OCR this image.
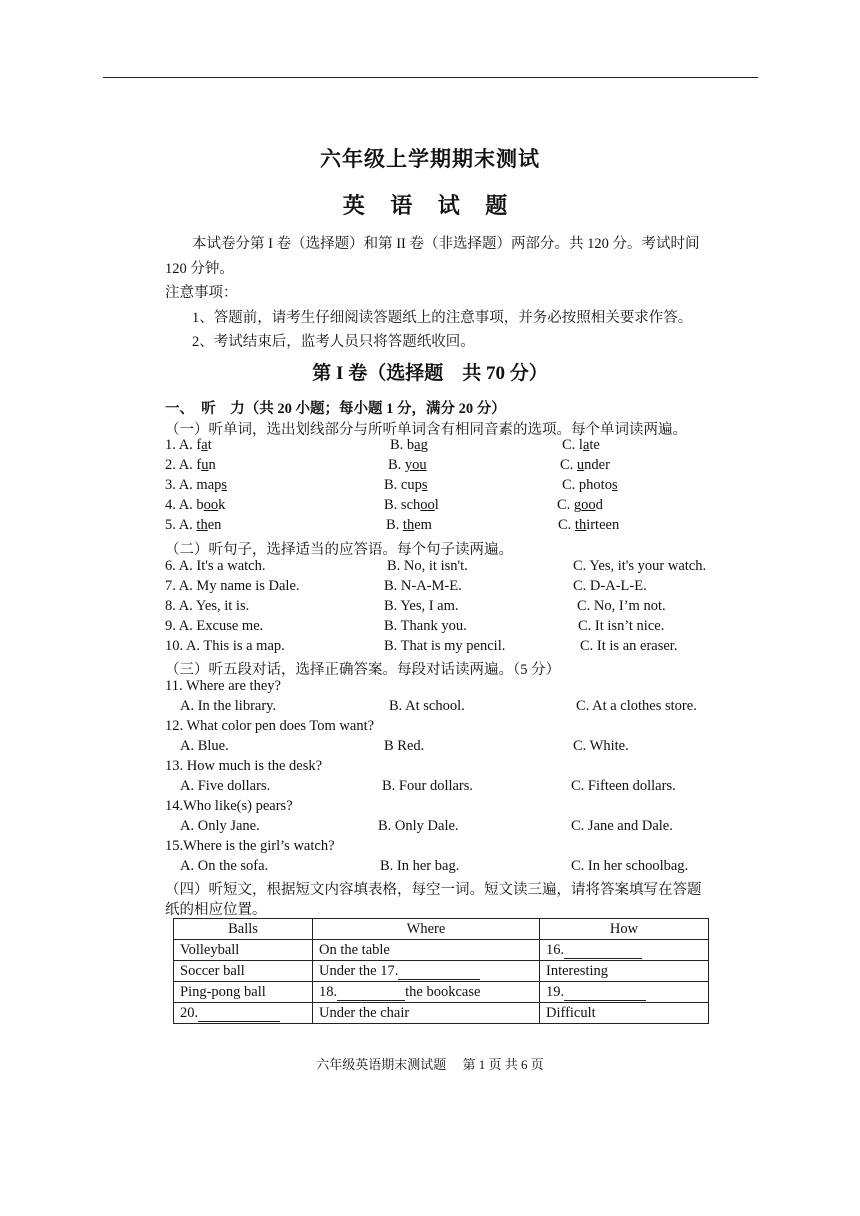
六年级上学期期末测试
英 语 试 题
本试卷分第 I 卷（选择题）和第 II 卷（非选择题）两部分。共 120 分。考试时间
120 分钟。
注意事项：
1、答题前，请考生仔细阅读答题纸上的注意事项，并务必按照相关要求作答。
2、考试结束后，监考人员只将答题纸收回。
第 I 卷（选择题　共 70 分）
一、　听　力（共 20 小题；每小题 1 分，满分 20 分）
（一）听单词，选出划线部分与所听单词含有相同音素的选项。每个单词读两遍。
1. A. fat	B. bag	C. late
2. A. fun	B. you	C. under
3. A. maps	B. cups	C. photos
4. A. book	B. school	C. good
5. A. then	B. them	C. thirteen
（二）听句子，选择适当的应答语。每个句子读两遍。
6. A. It's a watch.	B. No, it isn't.	C. Yes, it's your watch.
7. A. My name is Dale.	B. N-A-M-E.	C. D-A-L-E.
8. A. Yes, it is.	B. Yes, I am.	C. No, I’m not.
9. A. Excuse me.	B. Thank you.	C. It isn’t nice.
10. A. This is a map.	B. That is my pencil.	C. It is an eraser.
（三）听五段对话，选择正确答案。每段对话读两遍。（5 分）
11. Where are they?
A. In the library.	B. At school.	C. At a clothes store.
12. What color pen does Tom want?
A. Blue.	B Red.	C. White.
13. How much is the desk?
A. Five dollars.	B. Four dollars.	C. Fifteen dollars.
14.Who like(s) pears?
A. Only Jane.	B. Only Dale.	C. Jane and Dale.
15.Where is the girl’s watch?
A. On the sofa.	B. In her bag.	C. In her schoolbag.
（四）听短文，根据短文内容填表格，每空一词。短文读三遍，请将答案填写在答题
纸的相应位置。
Balls	Where	How
Volleyball	On the table	16.
Soccer ball	Under the 17.	Interesting
Ping-pong ball	18. the bookcase	19.
20.	Under the chair	Difficult
六年级英语期末测试题　 第 1 页 共 6 页
